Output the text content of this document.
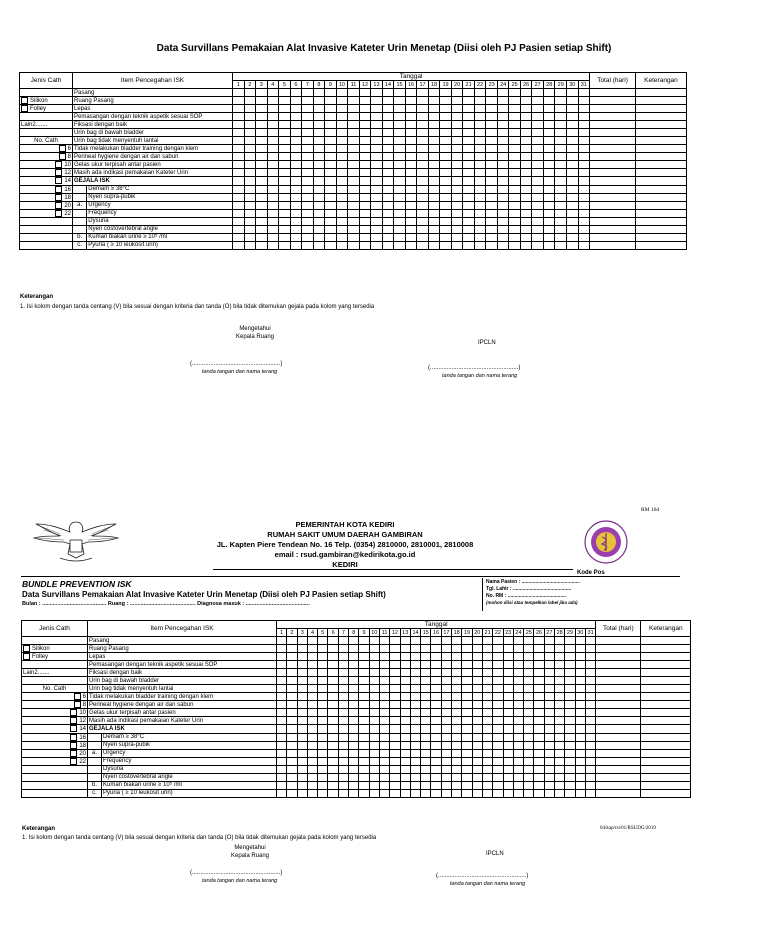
Data Survillans Pemakaian Alat Invasive Kateter Urin Menetap (Diisi oleh PJ Pasien setiap Shift)
Jenis Cath	Item Pencegahan ISK		Tanggal																															Total (hari)	Keterangan
			1	2	3	4	5	6	7	8	9	10	11	12	13	14	15	16	17	18	19	20	21	22	23	24	25	26	27	28	29	30	31		
	Pasang																																		
Silikon	Ruang Pasang																																		
Folley	Lepas																																		
	Pemasangan dengan teknik aspetik sesuai SOP																																		
Lain2.......	Fiksasi dengan baik																																		
	Urin bag di bawah bladder																																		
No. Cath	Urin bag tidak menyentuh lantai																																		
6	Tidak melakukan bladder training dengan klem																																		
8	Perineal hygiene dengan air dan sabun																																		
10	Gelas ukur terpisah antar pasien																																		
12	Masih ada indikasi pemakaian Kateter Urin																																		
14	GEJALA ISK																																		
16		Demam ≥ 38°C																																	
18		Nyeri supra-pubik																																	
20	a.	Urgency																																	
22		Frequency																																	
		Dysuria																																	
		Nyeri costovertebral angle																																	
	b.	Kuman biakan urine ≥ 10⁵ /ml																																	
	c.	Pyuria ( ≥ 10 leukosit urin)																																	
Keterangan
1. Isi kolom dengan tanda centang (V) bila sesuai dengan kriteria dan tanda (O) bila tidak ditemukan gejala pada kolom yang tersedia
Mengetahui
Kepala Ruang
IPCLN
(.....................................................)
tanda tangan dan nama terang
(.....................................................)
tanda tangan dan nama terang
RM 16d
PEMERINTAH KOTA KEDIRI
RUMAH SAKIT UMUM DAERAH GAMBIRAN
JL. Kapten Piere Tendean No. 16 Telp. (0354) 2810000, 2810001, 2810008
email : rsud.gambiran@kedirikota.go.id
KEDIRI
Kode Pos
BUNDLE PREVENTION ISK
Data Survillans Pemakaian Alat Invasive Kateter Urin Menetap (Diisi oleh PJ Pasien setiap Shift)
Bulan : .......................................... Ruang : ........................................... Diagnosa masuk : ..........................................
Nama Pasien : ..........................................
Tgl. Lahir : ..........................................
No. RM : ..........................................
(mohon diisi atau tempelkan label jika ada)
Jenis Cath	Item Pencegahan ISK		Tanggal																															Total (hari)	Keterangan
			1	2	3	4	5	6	7	8	9	10	11	12	13	14	15	16	17	18	19	20	21	22	23	24	25	26	27	28	29	30	31		
	Pasang																																		
Silikon	Ruang Pasang																																		
Folley	Lepas																																		
	Pemasangan dengan teknik aspetik sesuai SOP																																		
Lain2.......	Fiksasi dengan baik																																		
	Urin bag di bawah bladder																																		
No. Cath	Urin bag tidak menyentuh lantai																																		
6	Tidak melakukan bladder training dengan klem																																		
8	Perineal hygiene dengan air dan sabun																																		
10	Gelas ukur terpisah antar pasien																																		
12	Masih ada indikasi pemakaian Kateter Urin																																		
14	GEJALA ISK																																		
16		Demam ≥ 38°C																																	
18		Nyeri supra-pubik																																	
20	a.	Urgency																																	
22		Frequency																																	
		Dysuria																																	
		Nyeri costovertebral angle																																	
	b.	Kuman biakan urine ≥ 10⁵ /ml																																	
	c.	Pyuria ( ≥ 10 leukosit urin)																																	
Keterangan	04/kap/rsv01/RSUDG/2019
1. Isi kolom dengan tanda centang (V) bila sesuai dengan kriteria dan tanda (O) bila tidak ditemukan gejala pada kolom yang tersedia
Mengetahui
Kepala Ruang	IPCLN
(.....................................................)
tanda tangan dan nama terang
(.....................................................)
tanda tangan dan nama terang
